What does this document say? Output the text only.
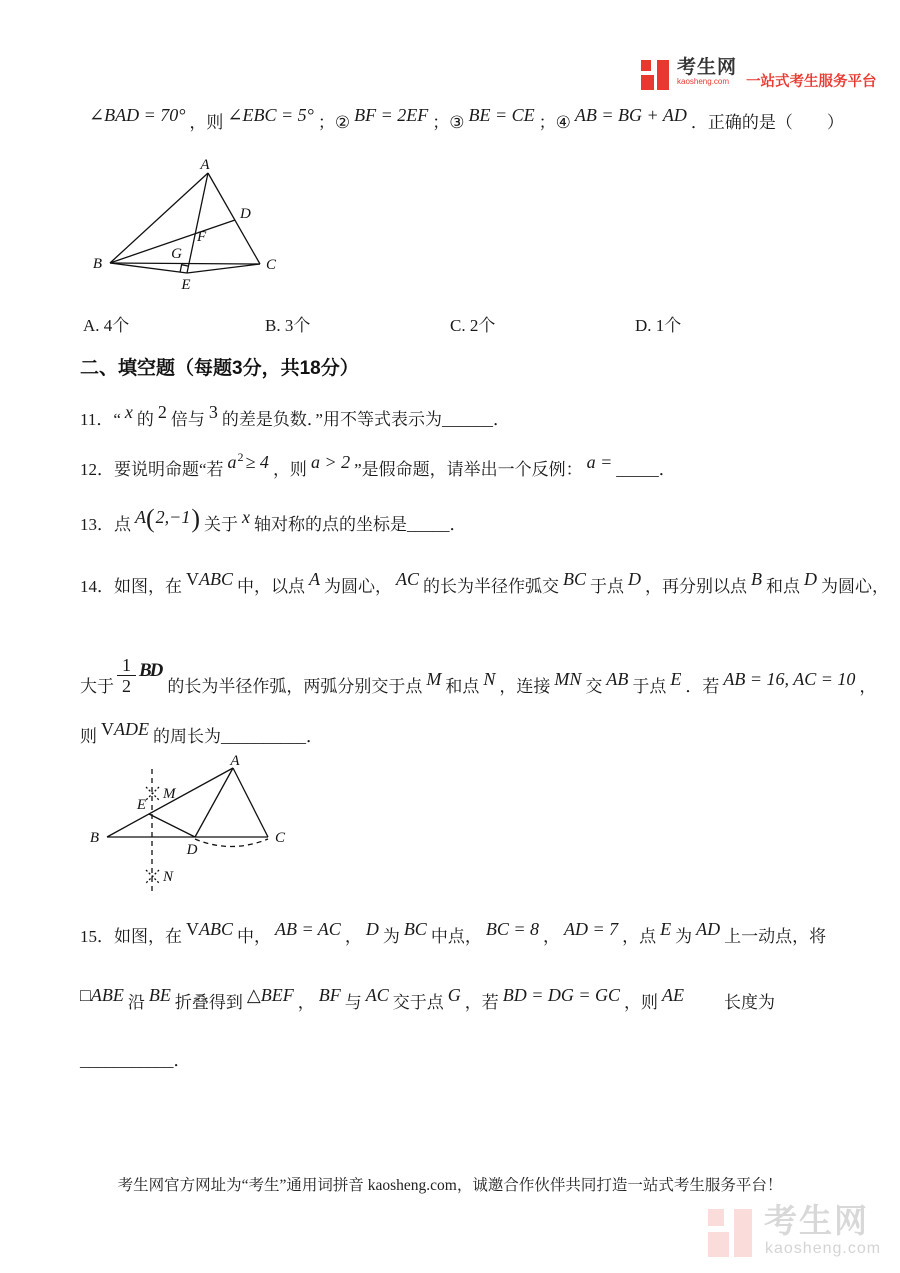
考生网
kaosheng.com	一站式考生服务平台
∠BAD = 70° ，则 ∠EBC = 5° ；② BF = 2EF ；③ BE = CE ；④ AB = BG + AD ．正确的是（　　）
A
B	C
D
E
F
G
A. 4个	B. 3个	C. 2个	D. 1个
二、填空题（每题3分，共18分）
11．“ x 的 2 倍与 3 的差是负数．”用不等式表示为______．
12．要说明命题“若 $a^2 \ge 4$ ，则 a > 2 ”是假命题，请举出一个反例： a = _____．
13．点 A(2,−1) 关于 x 轴对称的点的坐标是_____．
14．如图，在 VABC 中，以点 A 为圆心， AC 的长为半径作弧交 BC 于点 D ，再分别以点 B 和点 D 为圆心，
大于 $\frac{1}{2}$ BD的长为半径作弧，两弧分别交于点 M 和点 N ，连接 MN 交 AB 于点 E ．若 AB = 16, AC = 10 ，
则 VADE 的周长为__________．
A
B	C
D
E
M
N
15．如图，在 VABC 中， AB = AC ， D 为 BC 中点， BC = 8 ， AD = 7 ，点 E 为 AD 上一动点，将
□ABE 沿 BE 折叠得到 △BEF ， BF 与 AC 交于点 G ，若 BD = DG = GC ，则 AE 长度为
___________．
考生网官方网址为“考生”通用词拼音 kaosheng.com，诚邀合作伙伴共同打造一站式考生服务平台！
考生网
kaosheng.com
